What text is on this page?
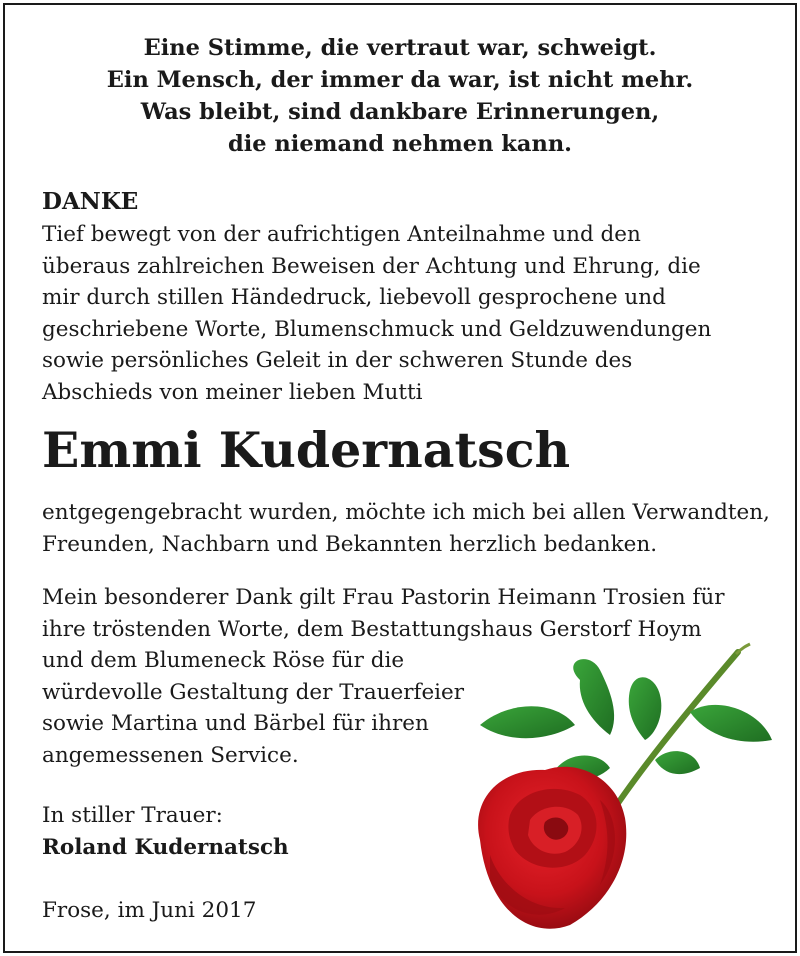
Eine Stimme, die vertraut war, schweigt.
Ein Mensch, der immer da war, ist nicht mehr.
Was bleibt, sind dankbare Erinnerungen,
die niemand nehmen kann.
DANKE
Tief bewegt von der aufrichtigen Anteilnahme und den
überaus zahlreichen Beweisen der Achtung und Ehrung, die
mir durch stillen Händedruck, liebevoll gesprochene und
geschriebene Worte, Blumenschmuck und Geldzuwendungen
sowie persönliches Geleit in der schweren Stunde des
Abschieds von meiner lieben Mutti
Emmi Kudernatsch
entgegengebracht wurden, möchte ich mich bei allen Verwandten,
Freunden, Nachbarn und Bekannten herzlich bedanken.
Mein besonderer Dank gilt Frau Pastorin Heimann Trosien für
ihre tröstenden Worte, dem Bestattungshaus Gerstorf Hoym
und dem Blumeneck Röse für die
würdevolle Gestaltung der Trauerfeier
sowie Martina und Bärbel für ihren
angemessenen Service.
In stiller Trauer:
Roland Kudernatsch
Frose, im Juni 2017
